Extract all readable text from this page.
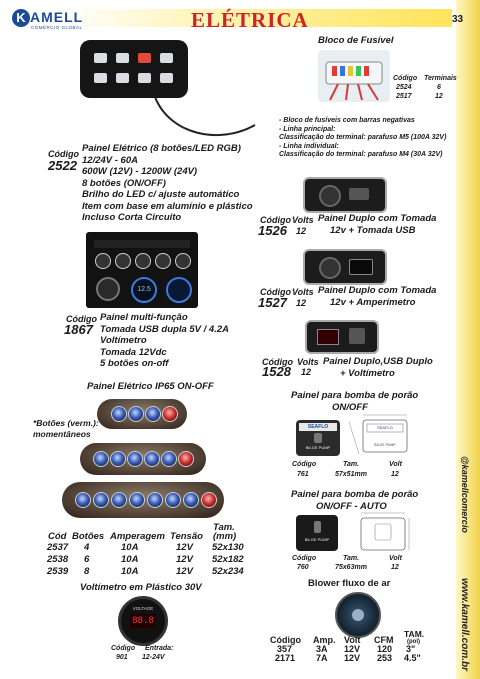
@kamellcomercio
www.kamell.com.br
K AMELL
COMÉRCIO GLOBAL	ELÉTRICA	33
Código
2522
Painel Elétrico (8 botões/LED RGB)
12/24V - 60A
600W (12V) - 1200W (24V)
8 botões (ON/OFF)
Brilho do LED c/ ajuste automático
Item com base em alumínio e plástico
Incluso Corta Circuito
Bloco de Fusível
Código Terminais
2524	6
2517	12
- Bloco de fusíveis com barras negativas
- Linha principal:
Classificação do terminal: parafuso M5 (100A 32V)
- Linha individual:
Classificação do terminal: parafuso M4 (30A 32V)
Código Volts
1526 12
Painel Duplo com Tomada
12v + Tomada USB
Código Volts
1527 12
Painel Duplo com Tomada
12v + Amperímetro
Código Volts
1528 12
Painel Duplo,USB Duplo
+ Voltímetro
12.5
Código
1867
Painel multi-função
Tomada USB dupla 5V / 4.2A
Voltímetro
Tomada 12Vdc
5 botões on-off
Painel Elétrico IP65 ON-OFF
*Botões (verm.):
momentâneos
Tam.
Cód Botões Amperagem Tensão (mm)
2537	4	10A	12V	52x130
2538	6	10A	12V	52x182
2539	8	10A	12V	52x234
Voltímetro em Plástico 30V
VOLTAGE
88.8
Código Entrada:
901 12-24V
Painel para bomba de porão
ON/OFF
SEAFLO
BILGE PUMP
SEAFLO
BILGE PUMP
Código	Tam.	Volt
761	57x51mm	12
Painel para bomba de porão
ON/OFF - AUTO
BILGE PUMP
Código	Tam.	Volt
760	75x63mm	12
Blower fluxo de ar
TAM.
(pol)
Código	Amp.	Volt	CFM	
357	3A	12V	120	3"
2171	7A	12V	253	4.5"
